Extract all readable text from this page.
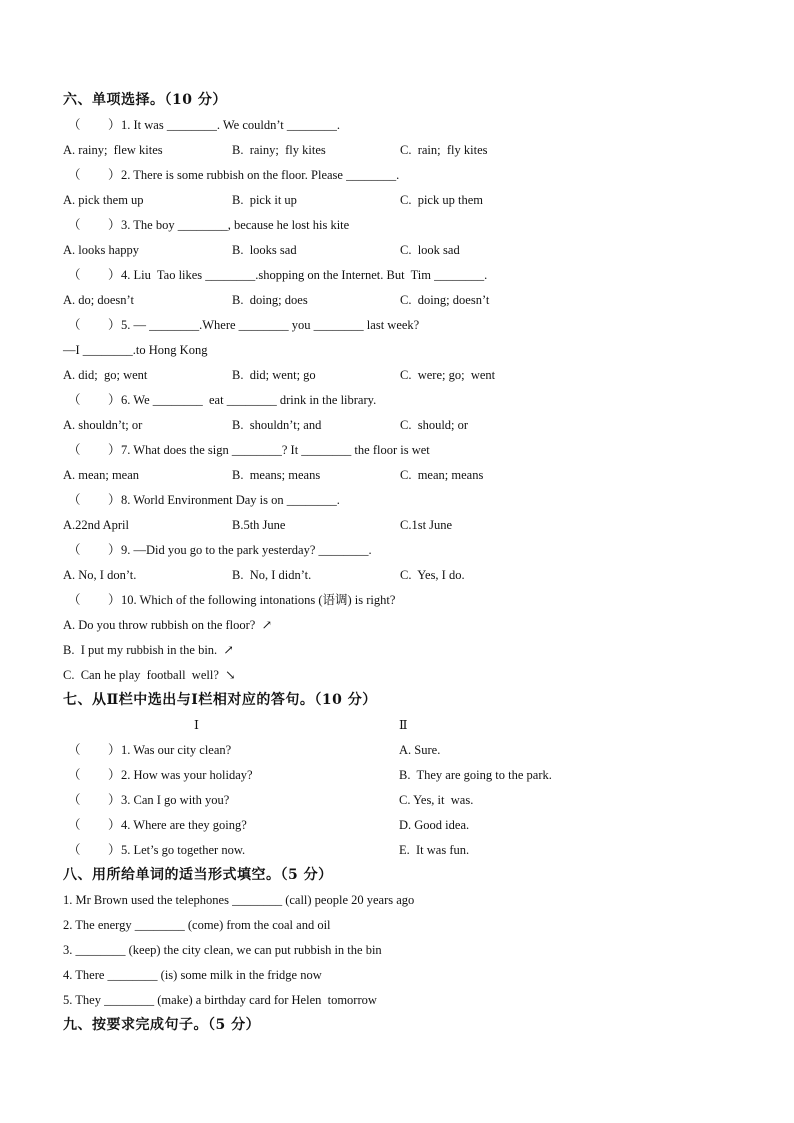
六、单项选择。（10 分）
（ ） 1. It was ________. We couldn’t ________.
A. rainy;  flew kites	B.  rainy;  fly kites	C.  rain;  fly kites
（ ） 2. There is some rubbish on the floor. Please ________.
A. pick them up	B.  pick it up	C.  pick up them
（ ） 3. The boy ________, because he lost his kite
A. looks happy	B.  looks sad	C.  look sad
（ ） 4. Liu  Tao likes ________.shopping on the Internet. But  Tim ________.
A. do; doesn’t	B.  doing; does	C.  doing; doesn’t
（ ） 5. — ________.Where ________ you ________ last week?
—I ________.to Hong Kong
A. did;  go; went	B.  did; went; go	C.  were; go;  went
（ ） 6. We ________  eat ________ drink in the library.
A. shouldn’t; or	B.  shouldn’t; and	C.  should; or
（ ） 7. What does the sign ________? It ________ the floor is wet
A. mean; mean	B.  means; means	C.  mean; means
（ ） 8. World Environment Day is on ________.
A.22nd April	B.5th June	C.1st June
（ ） 9. —Did you go to the park yesterday? ________.
A. No, I don’t.	B.  No, I didn’t.	C.  Yes, I do.
（ ） 10. Which of the following intonations (语调) is right?
A. Do you throw rubbish on the floor?  ↗
B.  I put my rubbish in the bin.  ↗
C.  Can he play  football  well?  ↘
七、从Ⅱ栏中选出与Ⅰ栏相对应的答句。（10 分）
Ⅰ	Ⅱ
（ ） 1. Was our city clean?	A. Sure.
（ ） 2. How was your holiday?	B.  They are going to the park.
（ ） 3. Can I go with you?	C. Yes, it  was.
（ ） 4. Where are they going?	D. Good idea.
（ ） 5. Let’s go together now.	E.  It was fun.
八、用所给单词的适当形式填空。（5 分）
1. Mr Brown used the telephones ________ (call) people 20 years ago
2. The energy ________ (come) from the coal and oil
3. ________ (keep) the city clean, we can put rubbish in the bin
4. There ________ (is) some milk in the fridge now
5. They ________ (make) a birthday card for Helen  tomorrow
九、按要求完成句子。（5 分）
